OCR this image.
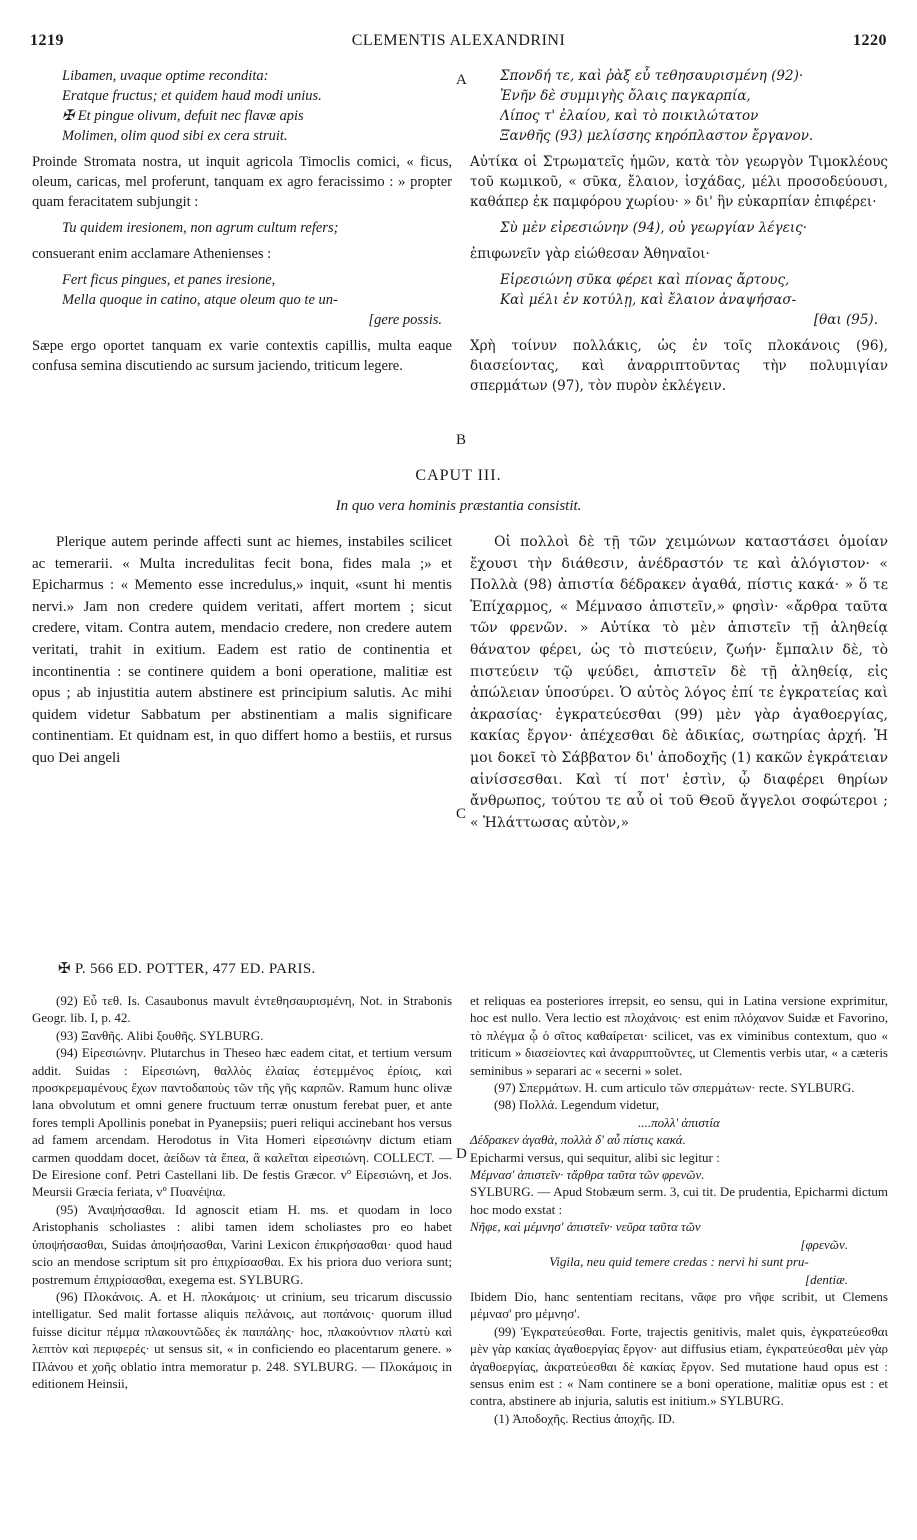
1219	CLEMENTIS ALEXANDRINI	1220
A
B
C
D
Libamen, uvaque optime recondita:
Eratque fructus; et quidem haud modi unius.
✠ Et pingue olivum, defuit nec flavæ apis
Molimen, olim quod sibi ex cera struit.

Proinde Stromata nostra, ut inquit agricola Timoclis comici, « ficus, oleum, caricas, mel proferunt, tanquam ex agro feracissimo : » propter quam feracitatem subjungit :

Tu quidem iresionem, non agrum cultum refers;

consuerant enim acclamare Athenienses :

Fert ficus pingues, et panes iresione,
Mella quoque in catino, atque oleum quo te un-
[gere possis.

Sæpe ergo oportet tanquam ex varie contextis capillis, multa eaque confusa semina discutiendo ac sursum jaciendo, triticum legere.

Σπονδή τε, καὶ ῥὰξ εὖ τεθησαυρισμένη (92)·
Ἐνῆν δὲ συμμιγὴς ὄλαις παγκαρπία,
Λίπος τ' ἐλαίου, καὶ τὸ ποικιλώτατον
Ξανθῆς (93) μελίσσης κηρόπλαστον ἔργανον.

Αὐτίκα οἱ Στρωματεῖς ἡμῶν, κατὰ τὸν γεωργὸν Τιμοκλέους τοῦ κωμικοῦ, « σῦκα, ἔλαιον, ἰσχάδας, μέλι προσοδεύουσι, καθάπερ ἐκ παμφόρου χωρίου· » δι' ἣν εὐκαρπίαν ἐπιφέρει·

Σὺ μὲν εἰρεσιώνην (94), οὐ γεωργίαν λέγεις·

ἐπιφωνεῖν γὰρ εἰώθεσαν Ἀθηναῖοι·

Εἰρεσιώνη σῦκα φέρει καὶ πίονας ἄρτους,
Καὶ μέλι ἐν κοτύλῃ, καὶ ἔλαιον ἀναψήσασ-
[θαι (95).

Χρὴ τοίνυν πολλάκις, ὡς ἐν τοῖς πλοκάνοις (96), διασείοντας, καὶ ἀναρριπτοῦντας τὴν πολυμιγίαν σπερμάτων (97), τὸν πυρὸν ἐκλέγειν.

CAPUT III.
In quo vera hominis præstantia consistit.

Plerique autem perinde affecti sunt ac hiemes, instabiles scilicet ac temerarii. « Multa incredulitas fecit bona, fides mala ;» et Epicharmus : « Memento esse incredulus,» inquit, «sunt hi mentis nervi.» Jam non credere quidem veritati, affert mortem ; sicut credere, vitam. Contra autem, mendacio credere, non credere autem veritati, trahit in exitium. Eadem est ratio de continentia et incontinentia : se continere quidem a boni operatione, malitiæ est opus ; ab injustitia autem abstinere est principium salutis. Ac mihi quidem videtur Sabbatum per abstinentiam a malis significare continentiam. Et quidnam est, in quo differt homo a bestiis, et rursus quo Dei angeli

Οἱ πολλοὶ δὲ τῇ τῶν χειμώνων καταστάσει ὁμοίαν ἔχουσι τὴν διάθεσιν, ἀνέδραστόν τε καὶ ἀλόγιστον· « Πολλὰ (98) ἀπιστία δέδρακεν ἀγαθά, πίστις κακά· » ὅ τε Ἐπίχαρμος, « Μέμνασο ἀπιστεῖν,» φησὶν· «ἄρθρα ταῦτα τῶν φρενῶν. » Αὐτίκα τὸ μὲν ἀπιστεῖν τῇ ἀληθείᾳ θάνατον φέρει, ὡς τὸ πιστεύειν, ζωήν· ἔμπαλιν δὲ, τὸ πιστεύειν τῷ ψεύδει, ἀπιστεῖν δὲ τῇ ἀληθείᾳ, εἰς ἀπώλειαν ὑποσύρει. Ὁ αὐτὸς λόγος ἐπί τε ἐγκρατείας καὶ ἀκρασίας· ἐγκρατεύεσθαι (99) μὲν γὰρ ἀγαθοεργίας, κακίας ἔργον· ἀπέχεσθαι δὲ ἀδικίας, σωτηρίας ἀρχή. Ἡ μοι δοκεῖ τὸ Σάββατον δι' ἀποδοχῆς (1) κακῶν ἐγκράτειαν αἰνίσσεσθαι. Καὶ τί ποτ' ἐστὶν, ᾧ διαφέρει θηρίων ἄνθρωπος, τούτου τε αὖ οἱ τοῦ Θεοῦ ἄγγελοι σοφώτεροι ; « Ἡλάττωσας αὐτὸν,»

✠ P. 566 ED. POTTER, 477 ED. PARIS.

(92) Εὖ τεθ. Is. Casaubonus mavult ἐντεθησαυρισμένη, Not. in Strabonis Geogr. lib. I, p. 42.

(93) Ξανθῆς. Alibi ξουθῆς. SYLBURG.

(94) Εἰρεσιώνην. Plutarchus in Theseo hæc eadem citat, et tertium versum addit. Suidas : Εἰρεσιώνη, θαλλὸς ἐλαίας ἐστεμμένος ἐρίοις, καὶ προσκρεμαμένους ἔχων παντοδαποὺς τῶν τῆς γῆς καρπῶν. Ramum hunc olivæ lana obvolutum et omni genere fructuum terræ onustum ferebat puer, et ante fores templi Apollinis ponebat in Pyanepsiis; pueri reliqui accinebant hos versus ad famem arcendam. Herodotus in Vita Homeri εἰρεσιώνην dictum etiam carmen quoddam docet, ἀείδων τὰ ἔπεα, ἃ καλεῖται εἰρεσιώνη. COLLECT. — De Eiresione conf. Petri Castellani lib. De festis Græcor. vº Εἰρεσιώνη, et Jos. Meursii Græcia feriata, vº Πυανέψια.

(95) Ἀναψήσασθαι. Id agnoscit etiam H. ms. et quodam in loco Aristophanis scholiastes : alibi tamen idem scholiastes pro eo habet ὑποψήσασθαι, Suidas ἀποψήσασθαι, Varini Lexicon ἐπικρήσασθαι· quod haud scio an mendose scriptum sit pro ἐπιχρίσασθαι. Ex his priora duo veriora sunt; postremum ἐπιχρίσασθαι, exegema est. SYLBURG.

(96) Πλοκάνοις. A. et H. πλοκάμοις· ut crinium, seu tricarum discussio intelligatur. Sed malit fortasse aliquis πελάνοις, aut ποπάνοις· quorum illud fuisse dicitur πέμμα πλακουντῶδες ἐκ παιπάλης· hoc, πλακούντιον πλατὺ καὶ λεπτὸν καὶ περιφερές· ut sensus sit, « in conficiendo eo placentarum genere. » Πλάνου et χοῆς oblatio intra memoratur p. 248. SYLBURG. — Πλοκάμοις in editionem Heinsii,

et reliquas ea posteriores irrepsit, eo sensu, qui in Latina versione exprimitur, hoc est nullo. Vera lectio est πλοχάνοις· est enim πλόχανον Suidæ et Favorino, τὸ πλέγμα ᾧ ὁ σῖτος καθαίρεται· scilicet, vas ex viminibus contextum, quo « triticum » διασείοντες καὶ ἀναρριπτοῦντες, ut Clementis verbis utar, « a cæteris seminibus » separari ac « secerni » solet.

(97) Σπερμάτων. H. cum articulo τῶν σπερμάτων· recte. SYLBURG.

(98) Πολλά. Legendum videtur,

....πολλ' ἀπιστία

Δέδρακεν ἀγαθὰ, πολλὰ δ' αὖ πίστις κακά.

Epicharmi versus, qui sequitur, alibi sic legitur :

Μέμνασ' ἀπιστεῖν· τἄρθρα ταῦτα τῶν φρενῶν.

SYLBURG. — Apud Stobæum serm. 3, cui tit. De prudentia, Epicharmi dictum hoc modo exstat :

Νῆφε, καὶ μέμνησ' ἀπιστεῖν· νεῦρα ταῦτα τῶν

[φρενῶν.

Vigila, neu quid temere credas : nervi hi sunt pru-

[dentiæ.

Ibidem Dio, hanc sententiam recitans, νᾶφε pro νῆφε scribit, ut Clemens μέμνασ' pro μέμνησ'.

(99) Ἐγκρατεύεσθαι. Forte, trajectis genitivis, malet quis, ἐγκρατεύεσθαι μὲν γὰρ κακίας ἀγαθοεργίας ἔργον· aut diffusius etiam, ἐγκρατεύεσθαι μὲν γὰρ ἀγαθοεργίας, ἀκρατεύεσθαι δὲ κακίας ἔργον. Sed mutatione haud opus est : sensus enim est : « Nam continere se a boni operatione, malitiæ opus est : et contra, abstinere ab injuria, salutis est initium.» SYLBURG.

(1) Ἀποδοχῆς. Rectius ἀποχῆς. ID.
